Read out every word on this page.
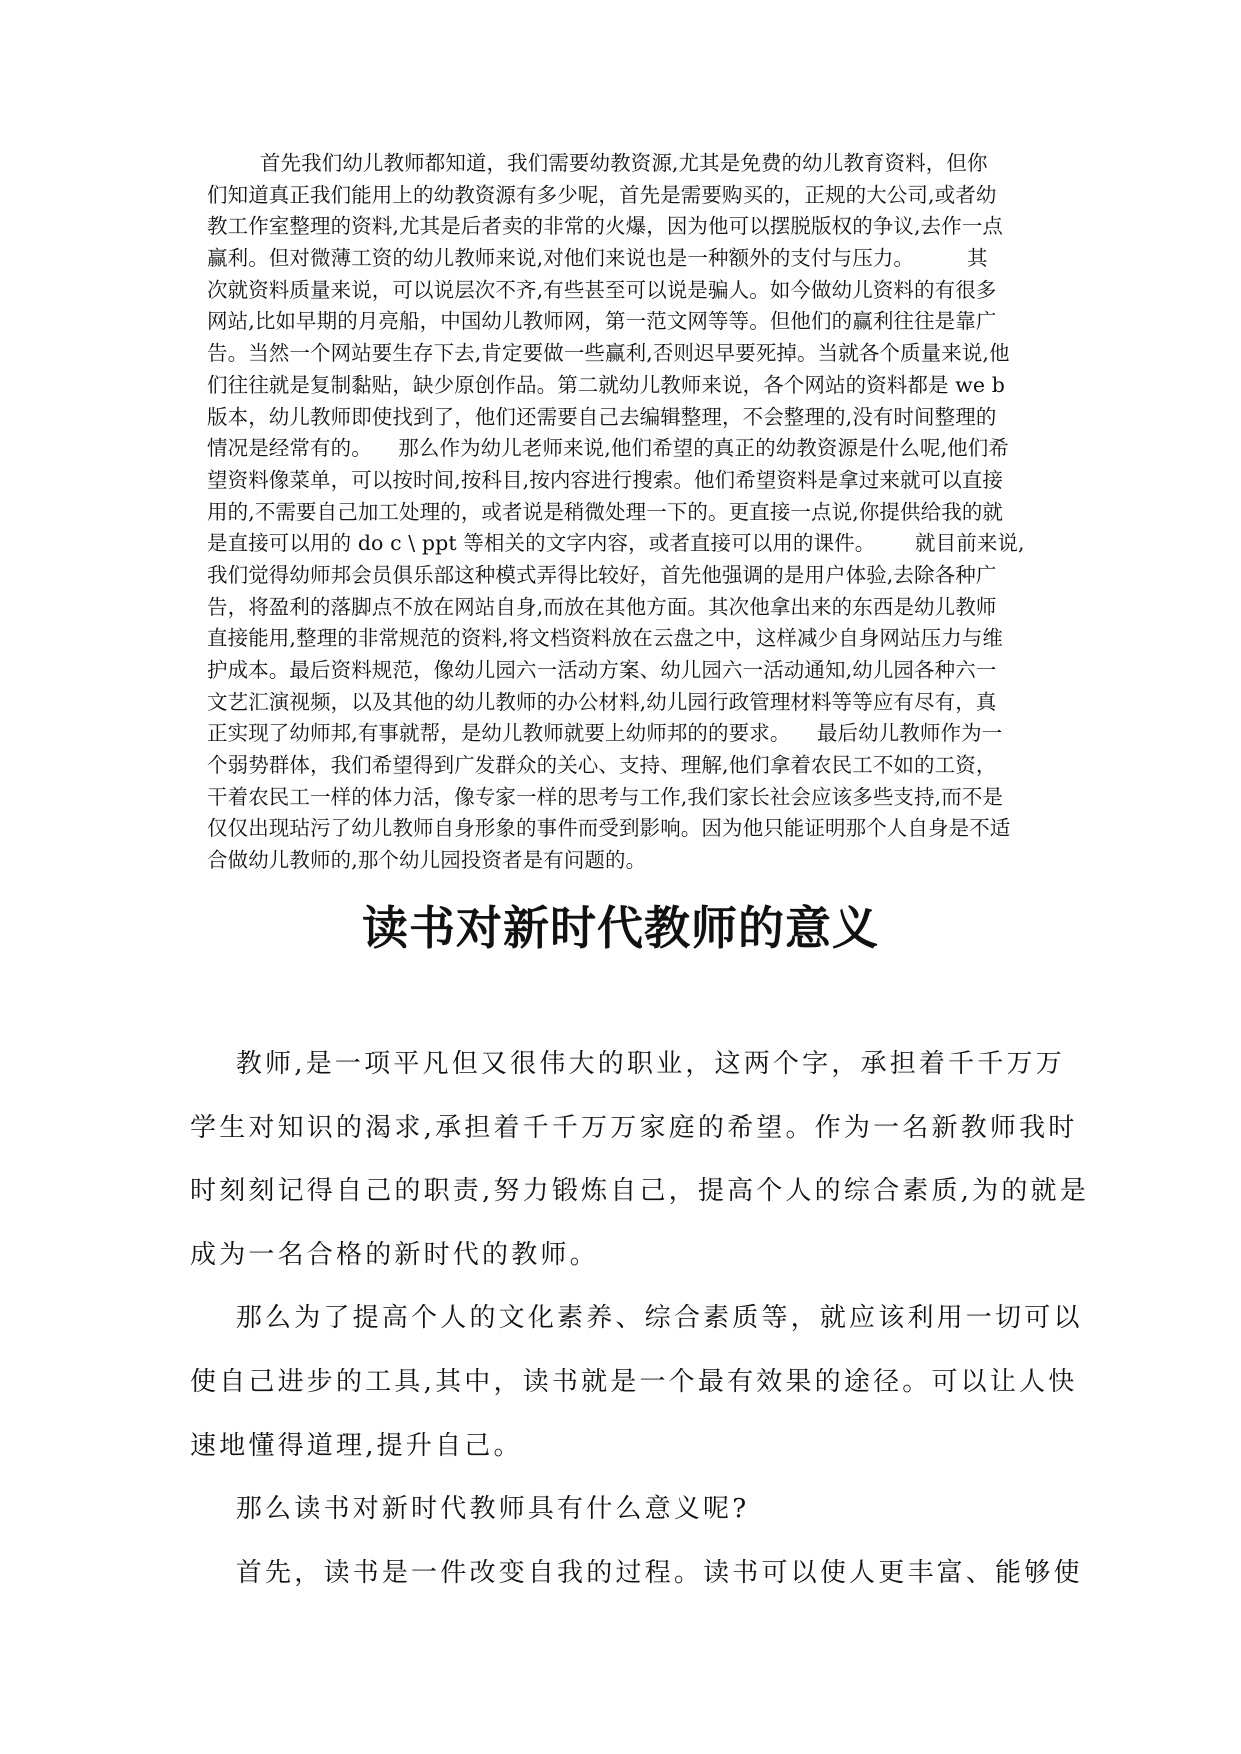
首先我们幼儿教师都知道，我们需要幼教资源,尤其是免费的幼儿教育资料，但你
们知道真正我们能用上的幼教资源有多少呢，首先是需要购买的，正规的大公司,或者幼
教工作室整理的资料,尤其是后者卖的非常的火爆，因为他可以摆脱版权的争议,去作一点
赢利。但对微薄工资的幼儿教师来说,对他们来说也是一种额外的支付与压力。        其
次就资料质量来说，可以说层次不齐,有些甚至可以说是骗人。如今做幼儿资料的有很多
网站,比如早期的月亮船，中国幼儿教师网，第一范文网等等。但他们的赢利往往是靠广
告。当然一个网站要生存下去,肯定要做一些赢利,否则迟早要死掉。当就各个质量来说,他
们往往就是复制黏贴，缺少原创作品。第二就幼儿教师来说，各个网站的资料都是 we b
版本，幼儿教师即使找到了，他们还需要自己去编辑整理，不会整理的,没有时间整理的
情况是经常有的。    那么作为幼儿老师来说,他们希望的真正的幼教资源是什么呢,他们希
望资料像菜单，可以按时间,按科目,按内容进行搜索。他们希望资料是拿过来就可以直接
用的,不需要自己加工处理的，或者说是稍微处理一下的。更直接一点说,你提供给我的就
是直接可以用的 do c \ ppt 等相关的文字内容，或者直接可以用的课件。      就目前来说,
我们觉得幼师邦会员俱乐部这种模式弄得比较好，首先他强调的是用户体验,去除各种广
告，将盈利的落脚点不放在网站自身,而放在其他方面。其次他拿出来的东西是幼儿教师
直接能用,整理的非常规范的资料,将文档资料放在云盘之中，这样减少自身网站压力与维
护成本。最后资料规范，像幼儿园六一活动方案、幼儿园六一活动通知,幼儿园各种六一
文艺汇演视频，以及其他的幼儿教师的办公材料,幼儿园行政管理材料等等应有尽有，真
正实现了幼师邦,有事就帮，是幼儿教师就要上幼师邦的的要求。    最后幼儿教师作为一
个弱势群体，我们希望得到广发群众的关心、支持、理解,他们拿着农民工不如的工资，
干着农民工一样的体力活，像专家一样的思考与工作,我们家长社会应该多些支持,而不是
仅仅出现玷污了幼儿教师自身形象的事件而受到影响。因为他只能证明那个人自身是不适
合做幼儿教师的,那个幼儿园投资者是有问题的。
读书对新时代教师的意义
教师,是一项平凡但又很伟大的职业，这两个字，承担着千千万万
学生对知识的渴求,承担着千千万万家庭的希望。作为一名新教师我时
时刻刻记得自己的职责,努力锻炼自己，提高个人的综合素质,为的就是
成为一名合格的新时代的教师。
那么为了提高个人的文化素养、综合素质等，就应该利用一切可以
使自己进步的工具,其中，读书就是一个最有效果的途径。可以让人快
速地懂得道理,提升自己。
那么读书对新时代教师具有什么意义呢?
首先，读书是一件改变自我的过程。读书可以使人更丰富、能够使
